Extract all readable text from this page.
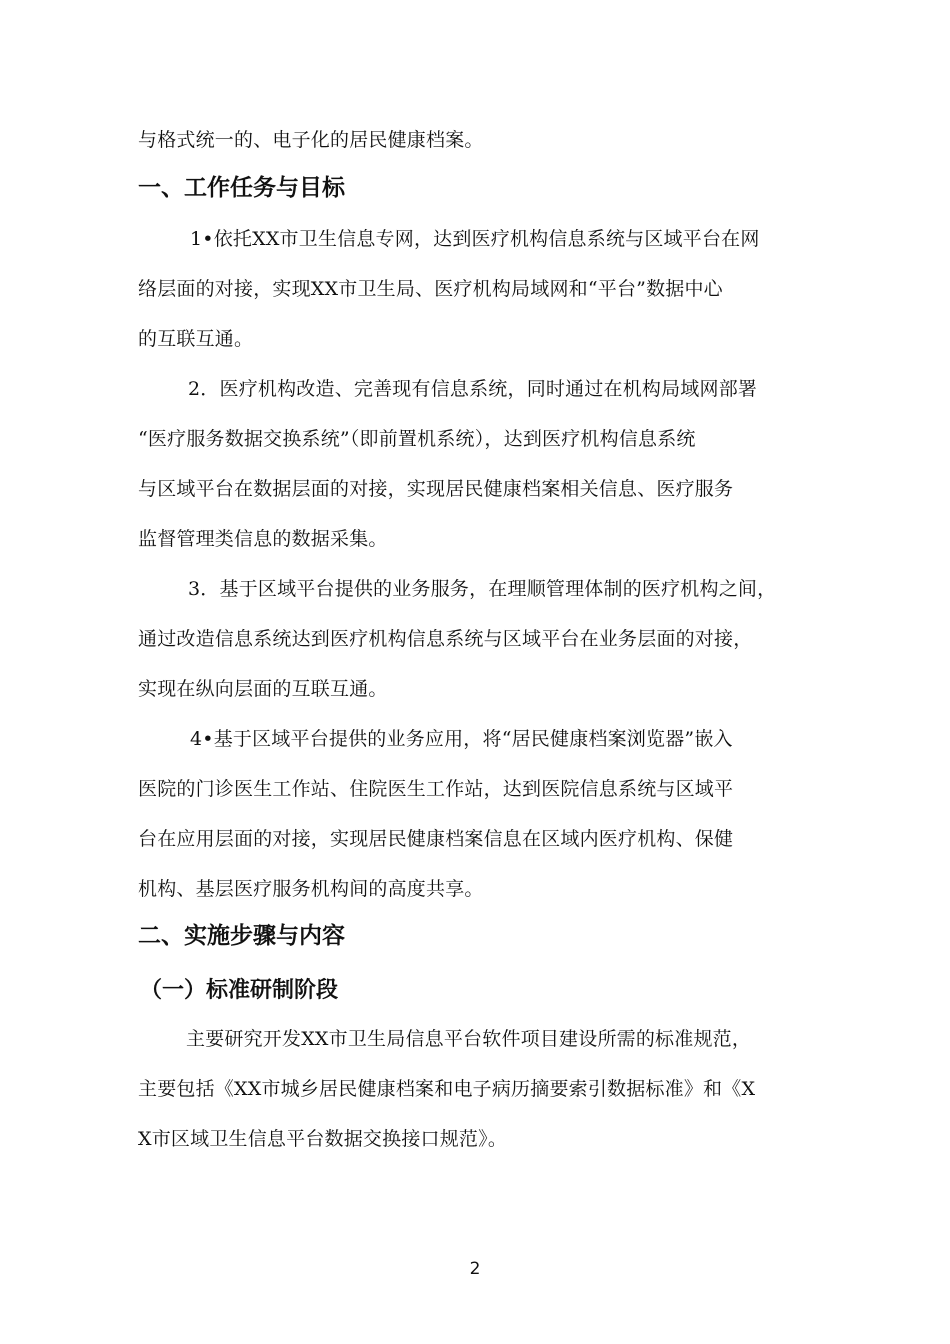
与格式统一的、电子化的居民健康档案。
一、工作任务与目标
1•依托XX市卫生信息专网，达到医疗机构信息系统与区域平台在网
络层面的对接，实现XX市卫生局、医疗机构局域网和“平台”数据中心
的互联互通。
2．医疗机构改造、完善现有信息系统，同时通过在机构局域网部署
“医疗服务数据交换系统”（即前置机系统），达到医疗机构信息系统
与区域平台在数据层面的对接，实现居民健康档案相关信息、医疗服务
监督管理类信息的数据采集。
3．基于区域平台提供的业务服务，在理顺管理体制的医疗机构之间，
通过改造信息系统达到医疗机构信息系统与区域平台在业务层面的对接，
实现在纵向层面的互联互通。
4•基于区域平台提供的业务应用，将“居民健康档案浏览器”嵌入
医院的门诊医生工作站、住院医生工作站，达到医院信息系统与区域平
台在应用层面的对接，实现居民健康档案信息在区域内医疗机构、保健
机构、基层医疗服务机构间的高度共享。
二、实施步骤与内容
（一）标准研制阶段
主要研究开发XX市卫生局信息平台软件项目建设所需的标准规范，
主要包括《XX市城乡居民健康档案和电子病历摘要索引数据标准》和《X
X市区域卫生信息平台数据交换接口规范》。
2
